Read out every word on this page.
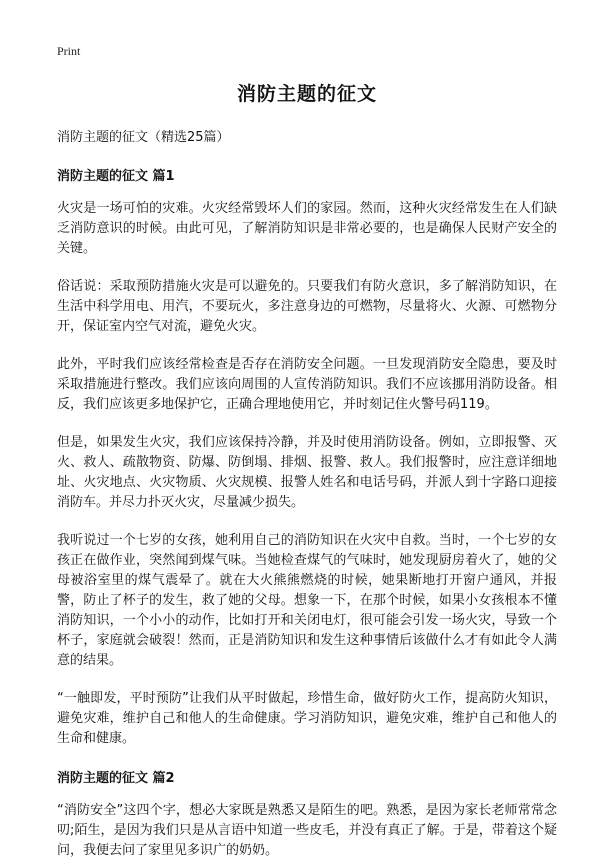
Print
消防主题的征文
消防主题的征文（精选25篇）
消防主题的征文 篇1

火灾是一场可怕的灾难。火灾经常毁坏人们的家园。然而，这种火灾经常发生在人们缺乏消防意识的时候。由此可见，了解消防知识是非常必要的，也是确保人民财产安全的关键。

俗话说：采取预防措施火灾是可以避免的。只要我们有防火意识，多了解消防知识，在生活中科学用电、用汽，不要玩火，多注意身边的可燃物，尽量将火、火源、可燃物分开，保证室内空气对流，避免火灾。

此外，平时我们应该经常检查是否存在消防安全问题。一旦发现消防安全隐患，要及时采取措施进行整改。我们应该向周围的人宣传消防知识。我们不应该挪用消防设备。相反，我们应该更多地保护它，正确合理地使用它，并时刻记住火警号码119。

但是，如果发生火灾，我们应该保持冷静，并及时使用消防设备。例如，立即报警、灭火、救人、疏散物资、防爆、防倒塌、排烟、报警、救人。我们报警时，应注意详细地址、火灾地点、火灾物质、火灾规模、报警人姓名和电话号码，并派人到十字路口迎接消防车。并尽力扑灭火灾，尽量减少损失。

我听说过一个七岁的女孩，她利用自己的消防知识在火灾中自救。当时，一个七岁的女孩正在做作业，突然闻到煤气味。当她检查煤气的气味时，她发现厨房着火了，她的父母被浴室里的煤气震晕了。就在大火熊熊燃烧的时候，她果断地打开窗户通风，并报警，防止了杯子的发生，救了她的父母。想象一下，在那个时候，如果小女孩根本不懂消防知识，一个小小的动作，比如打开和关闭电灯，很可能会引发一场火灾，导致一个杯子，家庭就会破裂！然而，正是消防知识和发生这种事情后该做什么才有如此令人满意的结果。

“一触即发，平时预防”让我们从平时做起，珍惜生命，做好防火工作，提高防火知识，避免灾难，维护自己和他人的生命健康。学习消防知识，避免灾难，维护自己和他人的生命和健康。

消防主题的征文 篇2

“消防安全”这四个字，想必大家既是熟悉又是陌生的吧。熟悉，是因为家长老师常常念叨;陌生，是因为我们只是从言语中知道一些皮毛，并没有真正了解。于是，带着这个疑问，我便去问了家里见多识广的奶奶。
